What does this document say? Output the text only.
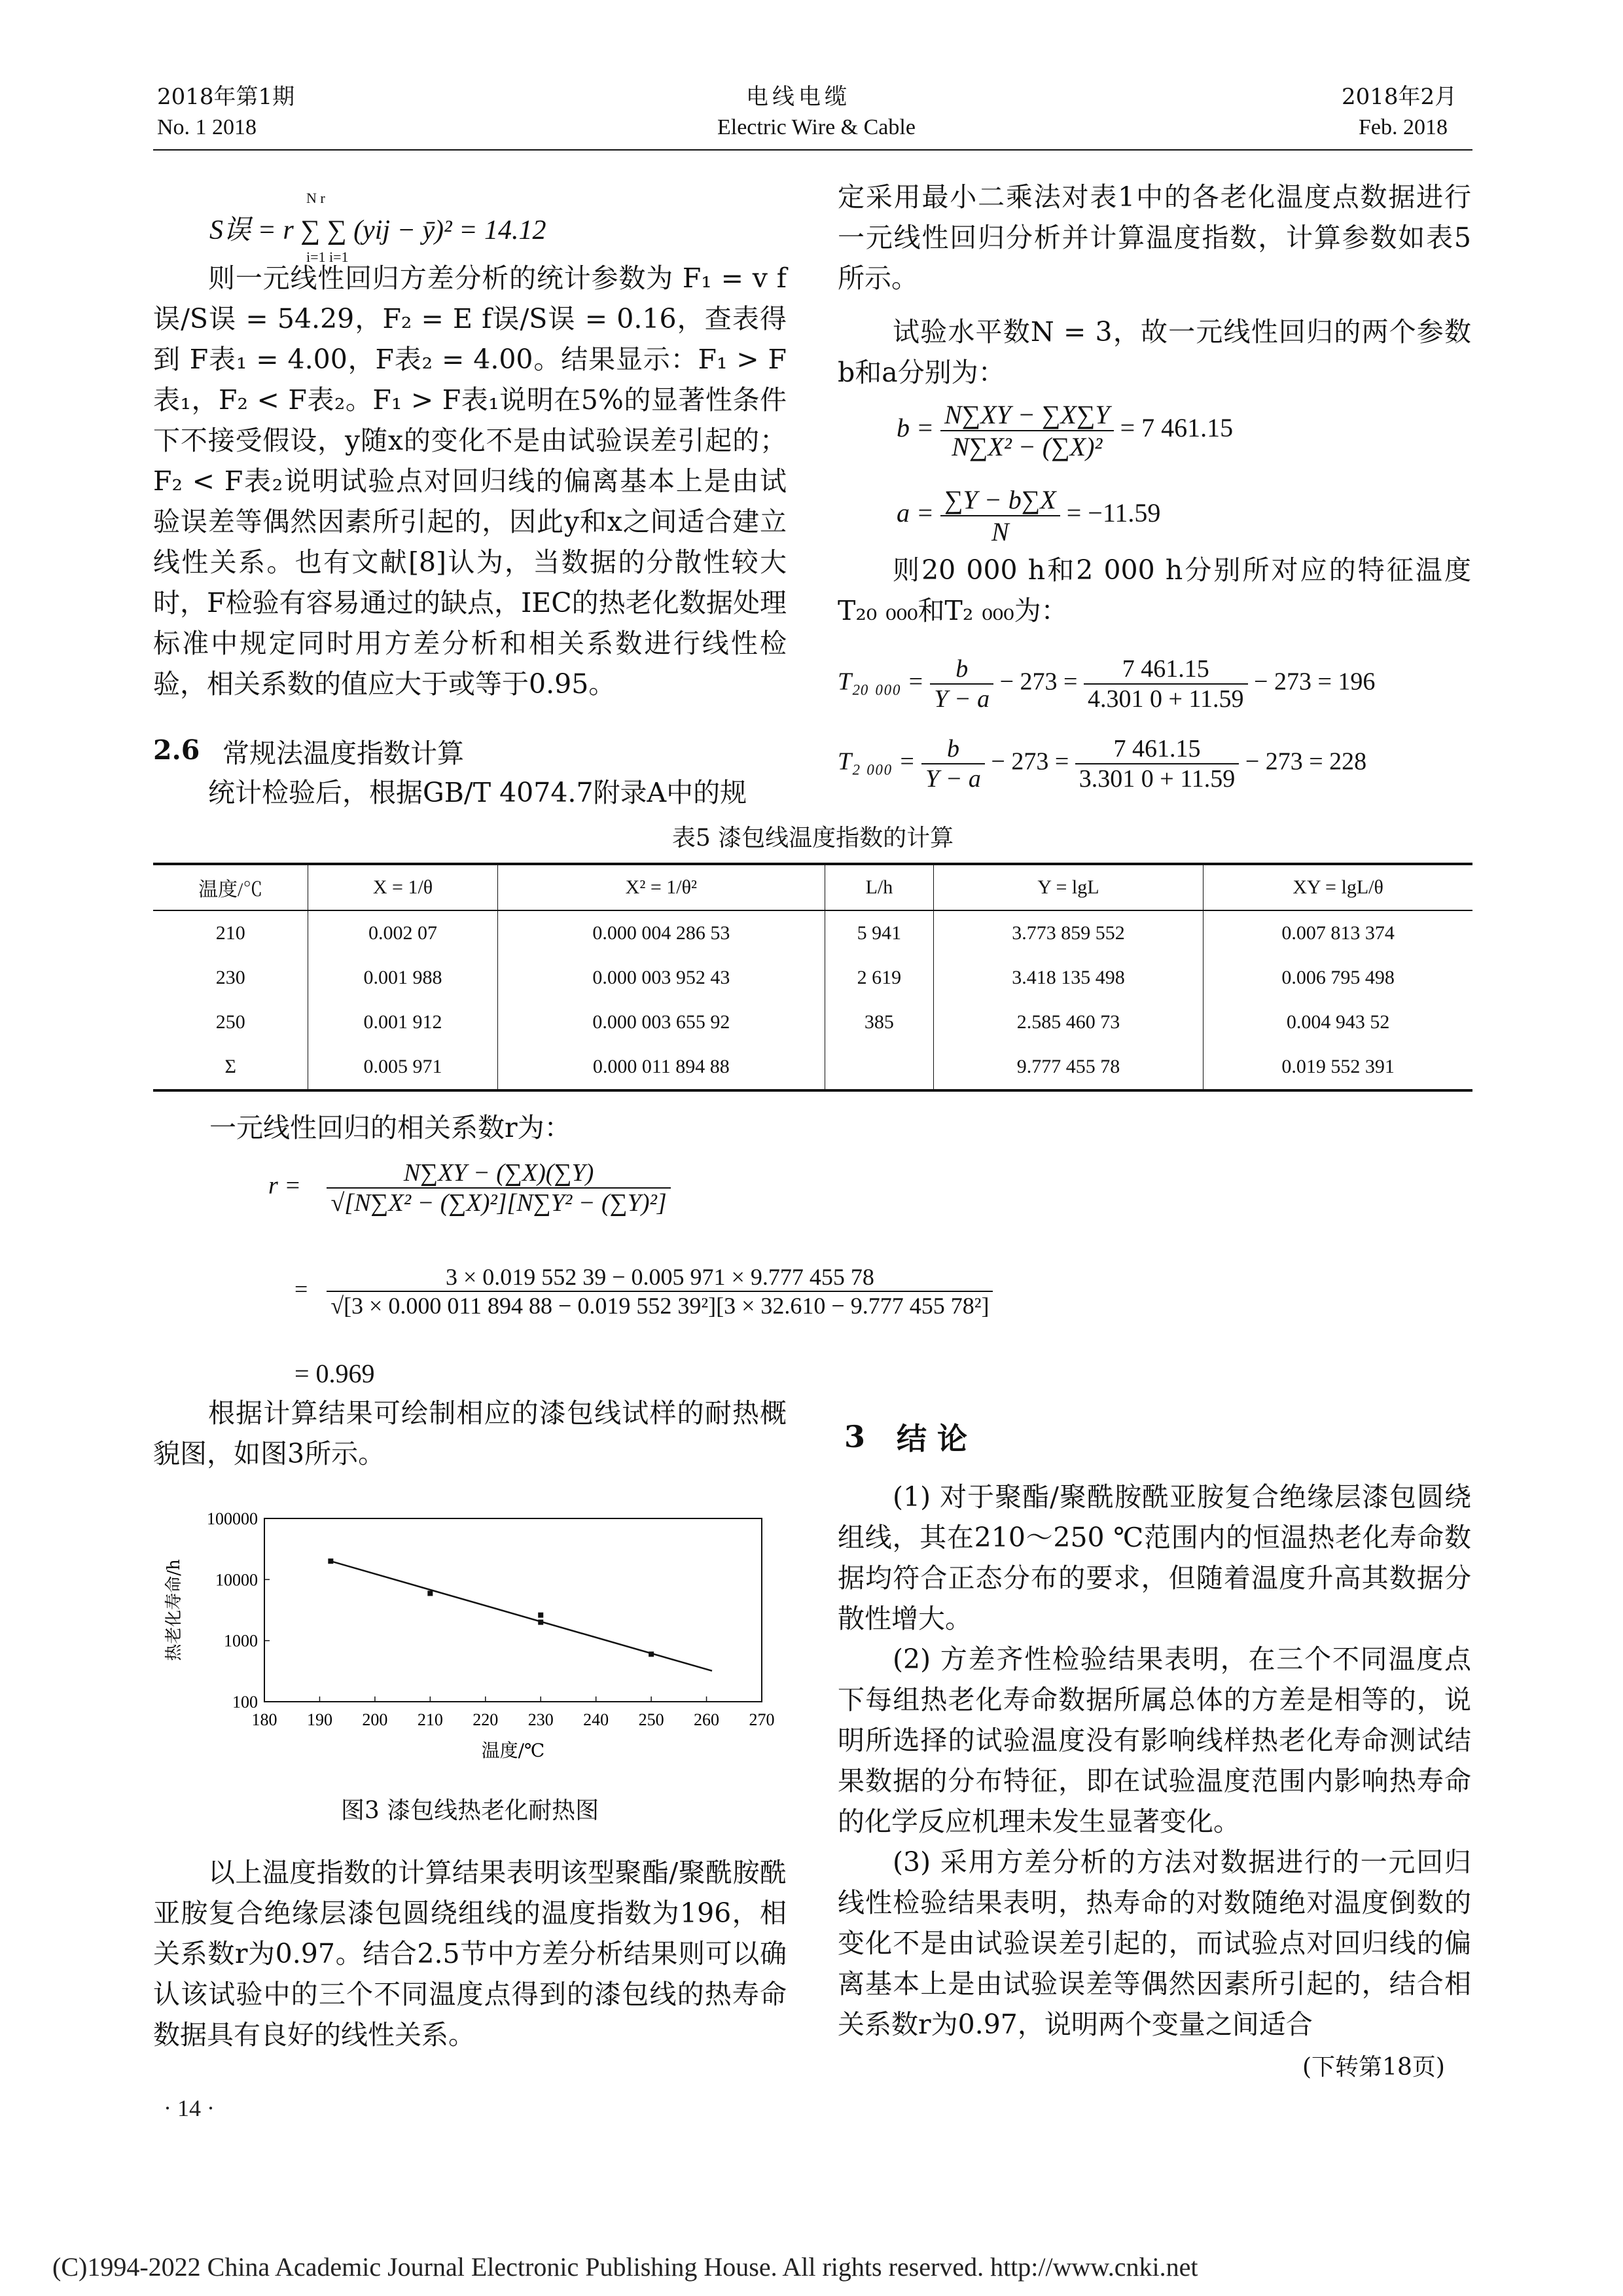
2018年第1期
No. 1 2018
电线电缆
Electric Wire & Cable
2018年2月
Feb. 2018
S误 = r ∑ ∑ (yij − ȳ)² = 14.12
N r
i=1 i=1

则一元线性回归方差分析的统计参数为 F₁ = v f误/S误 = 54.29，F₂ = E f误/S误 = 0.16，查表得到 F表₁ = 4.00，F表₂ = 4.00。结果显示：F₁ > F表₁，F₂ < F表₂。F₁ > F表₁说明在5%的显著性条件下不接受假设，y随x的变化不是由试验误差引起的；F₂ < F表₂说明试验点对回归线的偏离基本上是由试验误差等偶然因素所引起的，因此y和x之间适合建立线性关系。也有文献[8]认为，当数据的分散性较大时，F检验有容易通过的缺点，IEC的热老化数据处理标准中规定同时用方差分析和相关系数进行线性检验，相关系数的值应大于或等于0.95。

2.6 常规法温度指数计算

统计检验后，根据GB/T 4074.7附录A中的规

定采用最小二乘法对表1中的各老化温度点数据进行一元线性回归分析并计算温度指数，计算参数如表5所示。

试验水平数N = 3，故一元线性回归的两个参数b和a分别为：

$b = \frac{N\sum XY - \sum X\sum Y}{\text{N∑X² − (∑X)²}} = 7$ 461.15
$a = \frac{\sum Y - b\sum X}{N} = -11.59$

则20 000 h和2 000 h分别所对应的特征温度T₂₀ ₀₀₀和T₂ ₀₀₀为：

T₂₀ $_{000} = \frac{b}{Y - a} - 273 = \frac{7 461.15}{4.301 0 + 11.59} - 273 = 196$
T₂ $_{000} = \frac{b}{Y - a} - 273 = \frac{7 461.15}{3.301 0 + 11.59} - 273 = 228$
表5 漆包线温度指数的计算
温度/℃	X = 1/θ	X² = 1/θ²	L/h	Y = lgL	XY = lgL/θ
210	0.002 07	0.000 004 286 53	5 941	3.773 859 552	0.007 813 374
230	0.001 988	0.000 003 952 43	2 619	3.418 135 498	0.006 795 498
250	0.001 912	0.000 003 655 92	385	2.585 460 73	0.004 943 52
Σ	0.005 971	0.000 011 894 88		9.777 455 78	0.019 552 391
一元线性回归的相关系数r为：
$r = \frac{N\sum XY - (\sum X)(\sum Y)}{\text{√[N∑X² − (∑X)²][N∑Y² − (∑Y)²]}}$
=	3 × 0.019 552 39 − 0.005 971 × 9.777 455 78
√[3 × 0.000 011 894 88 − 0.019 552 39²][3 × 32.610 − 9.777 455 78²]
= 0.969

根据计算结果可绘制相应的漆包线试样的耐热概貌图，如图3所示。

180 190 200 210 220 230 240 250 260 270
100
1000
10000
100000
温度/℃
热老化寿命/h
图3 漆包线热老化耐热图

以上温度指数的计算结果表明该型聚酯/聚酰胺酰亚胺复合绝缘层漆包圆绕组线的温度指数为196，相关系数r为0.97。结合2.5节中方差分析结果则可以确认该试验中的三个不同温度点得到的漆包线的热寿命数据具有良好的线性关系。

· 14 ·
3 结 论

(1) 对于聚酯/聚酰胺酰亚胺复合绝缘层漆包圆绕组线，其在210～250 ℃范围内的恒温热老化寿命数据均符合正态分布的要求，但随着温度升高其数据分散性增大。

(2) 方差齐性检验结果表明，在三个不同温度点下每组热老化寿命数据所属总体的方差是相等的，说明所选择的试验温度没有影响线样热老化寿命测试结果数据的分布特征，即在试验温度范围内影响热寿命的化学反应机理未发生显著变化。

(3) 采用方差分析的方法对数据进行的一元回归线性检验结果表明，热寿命的对数随绝对温度倒数的变化不是由试验误差引起的，而试验点对回归线的偏离基本上是由试验误差等偶然因素所引起的，结合相关系数r为0.97，说明两个变量之间适合

(下转第18页)
(C)1994-2022 China Academic Journal Electronic Publishing House. All rights reserved. http://www.cnki.net
